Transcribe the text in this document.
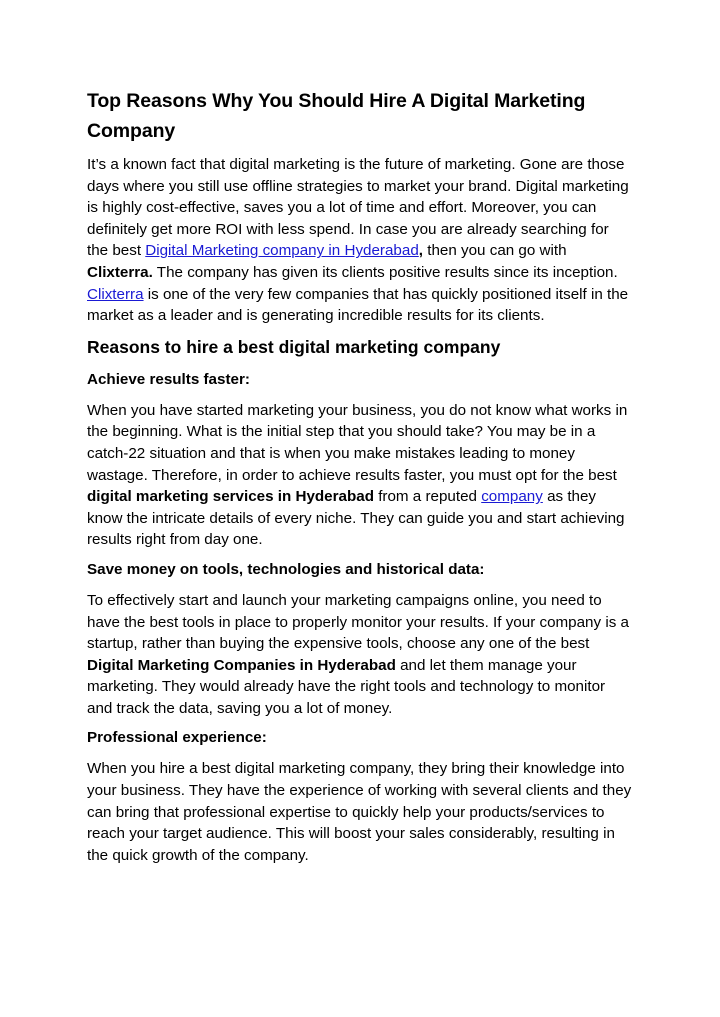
Top Reasons Why You Should Hire A Digital Marketing Company

It’s a known fact that digital marketing is the future of marketing. Gone are those days where you still use offline strategies to market your brand. Digital marketing is highly cost-effective, saves you a lot of time and effort. Moreover, you can definitely get more ROI with less spend. In case you are already searching for the best Digital Marketing company in Hyderabad, then you can go with Clixterra. The company has given its clients positive results since its inception. Clixterra is one of the very few companies that has quickly positioned itself in the market as a leader and is generating incredible results for its clients.

Reasons to hire a best digital marketing company
Achieve results faster:

When you have started marketing your business, you do not know what works in the beginning. What is the initial step that you should take? You may be in a catch-22 situation and that is when you make mistakes leading to money wastage. Therefore, in order to achieve results faster, you must opt for the best digital marketing services in Hyderabad from a reputed company as they know the intricate details of every niche. They can guide you and start achieving results right from day one.

Save money on tools, technologies and historical data:

To effectively start and launch your marketing campaigns online, you need to have the best tools in place to properly monitor your results. If your company is a startup, rather than buying the expensive tools, choose any one of the best Digital Marketing Companies in Hyderabad and let them manage your marketing. They would already have the right tools and technology to monitor and track the data, saving you a lot of money.

Professional experience:

When you hire a best digital marketing company, they bring their knowledge into your business. They have the experience of working with several clients and they can bring that professional expertise to quickly help your products/services to reach your target audience. This will boost your sales considerably, resulting in the quick growth of the company.
